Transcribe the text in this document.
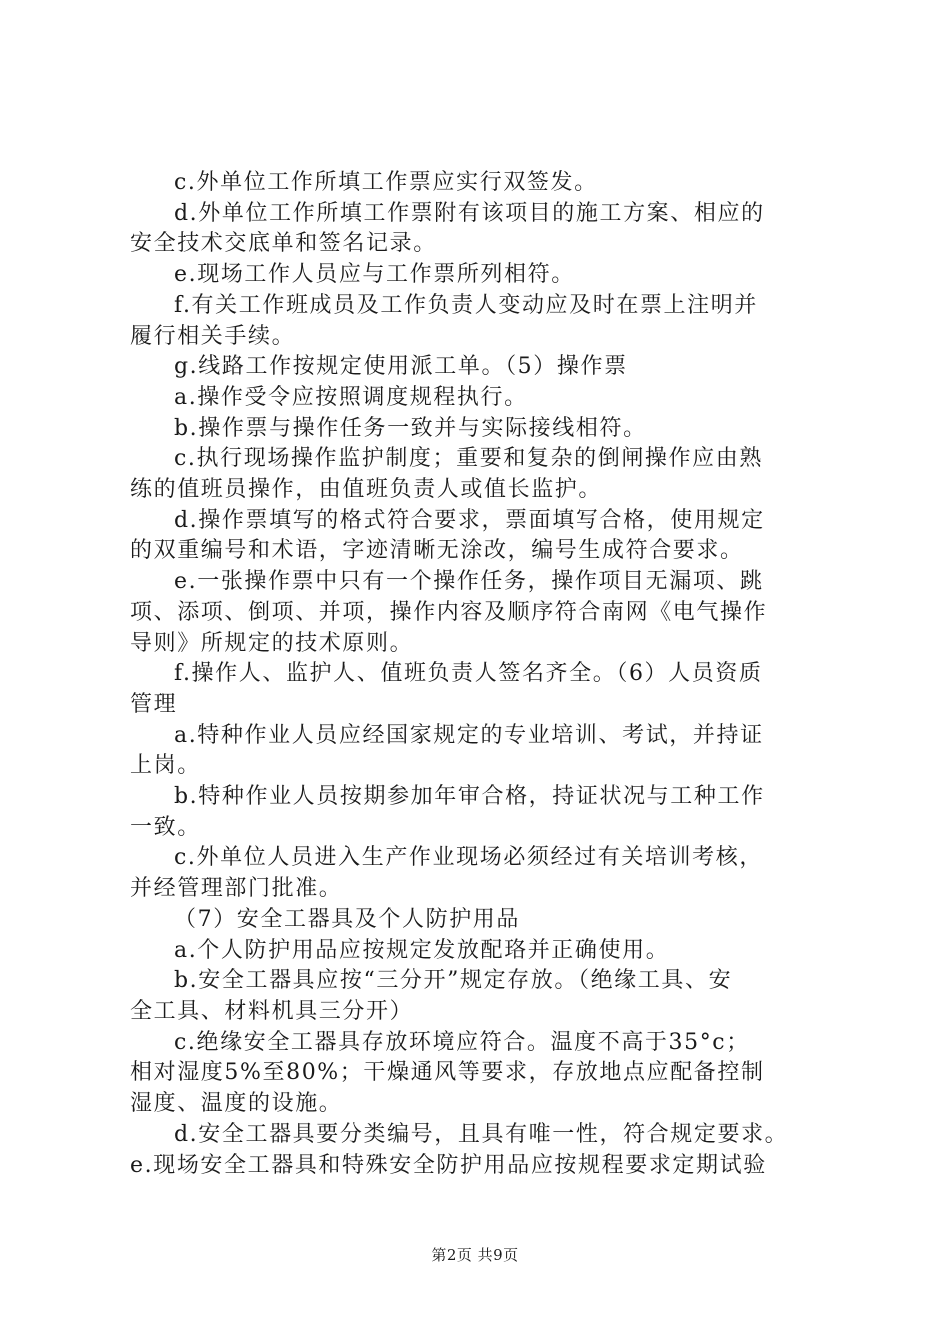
c.外单位工作所填工作票应实行双签发。

d.外单位工作所填工作票附有该项目的施工方案、相应的

安全技术交底单和签名记录。

e.现场工作人员应与工作票所列相符。

f.有关工作班成员及工作负责人变动应及时在票上注明并

履行相关手续。

g.线路工作按规定使用派工单。（5）操作票

a.操作受令应按照调度规程执行。

b.操作票与操作任务一致并与实际接线相符。

c.执行现场操作监护制度；重要和复杂的倒闸操作应由熟

练的值班员操作，由值班负责人或值长监护。

d.操作票填写的格式符合要求，票面填写合格，使用规定

的双重编号和术语，字迹清晰无涂改，编号生成符合要求。

e.一张操作票中只有一个操作任务，操作项目无漏项、跳

项、添项、倒项、并项，操作内容及顺序符合南网《电气操作

导则》所规定的技术原则。

f.操作人、监护人、值班负责人签名齐全。（6）人员资质

管理

a.特种作业人员应经国家规定的专业培训、考试，并持证

上岗。

b.特种作业人员按期参加年审合格，持证状况与工种工作

一致。

c.外单位人员进入生产作业现场必须经过有关培训考核，

并经管理部门批准。

（7）安全工器具及个人防护用品

a.个人防护用品应按规定发放配珞并正确使用。

b.安全工器具应按“三分开”规定存放。（绝缘工具、安

全工具、材料机具三分开）

c.绝缘安全工器具存放环境应符合。温度不高于35°c；

相对湿度5%至80%；干燥通风等要求，存放地点应配备控制

湿度、温度的设施。

d.安全工器具要分类编号，且具有唯一性，符合规定要求。

e.现场安全工器具和特殊安全防护用品应按规程要求定期试验

第2页 共9页
